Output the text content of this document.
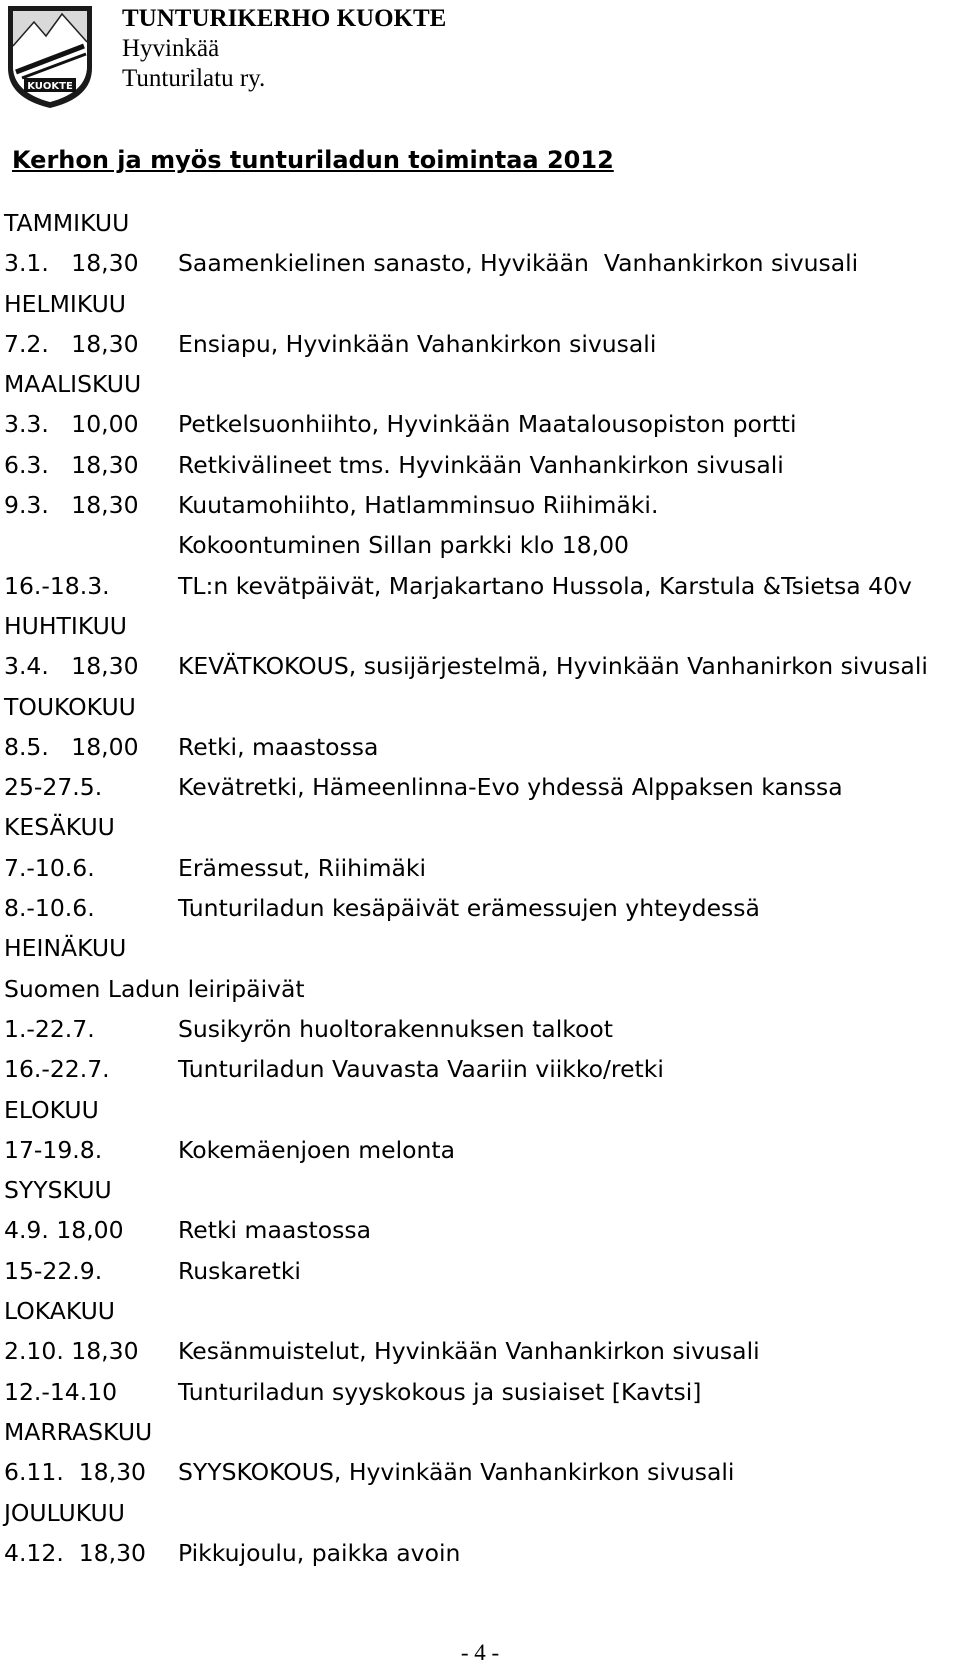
KUOKTE
TUNTURIKERHO KUOKTE
Hyvinkää
Tunturilatu ry.
Kerhon ja myös tunturiladun toimintaa 2012
TAMMIKUU
3.1.   18,30 Saamenkielinen sanasto, Hyvikään  Vanhankirkon sivusali
HELMIKUU
7.2.   18,30 Ensiapu, Hyvinkään Vahankirkon sivusali
MAALISKUU
3.3.   10,00 Petkelsuonhiihto, Hyvinkään Maatalousopiston portti
6.3.   18,30 Retkivälineet tms. Hyvinkään Vanhankirkon sivusali
9.3.   18,30 Kuutamohiihto, Hatlamminsuo Riihimäki.
Kokoontuminen Sillan parkki klo 18,00
16.-18.3.	TL:n kevätpäivät, Marjakartano Hussola, Karstula &Tsietsa 40v
HUHTIKUU
3.4.   18,30 KEVÄTKOKOUS, susijärjestelmä, Hyvinkään Vanhanirkon sivusali
TOUKOKUU
8.5.   18,00 Retki, maastossa
25-27.5.	Kevätretki, Hämeenlinna-Evo yhdessä Alppaksen kanssa
KESÄKUU
7.-10.6.	Erämessut, Riihimäki
8.-10.6.	Tunturiladun kesäpäivät erämessujen yhteydessä
HEINÄKUU
Suomen Ladun leiripäivät
1.-22.7.	Susikyrön huoltorakennuksen talkoot
16.-22.7.	Tunturiladun Vauvasta Vaariin viikko/retki
ELOKUU
17-19.8.	Kokemäenjoen melonta
SYYSKUU
4.9. 18,00 Retki maastossa
15-22.9.	Ruskaretki
LOKAKUU
2.10. 18,30 Kesänmuistelut, Hyvinkään Vanhankirkon sivusali
12.-14.10	Tunturiladun syyskokous ja susiaiset [Kavtsi]
MARRASKUU
6.11.  18,30 SYYSKOKOUS, Hyvinkään Vanhankirkon sivusali
JOULUKUU
4.12.  18,30 Pikkujoulu, paikka avoin
- 4 -
